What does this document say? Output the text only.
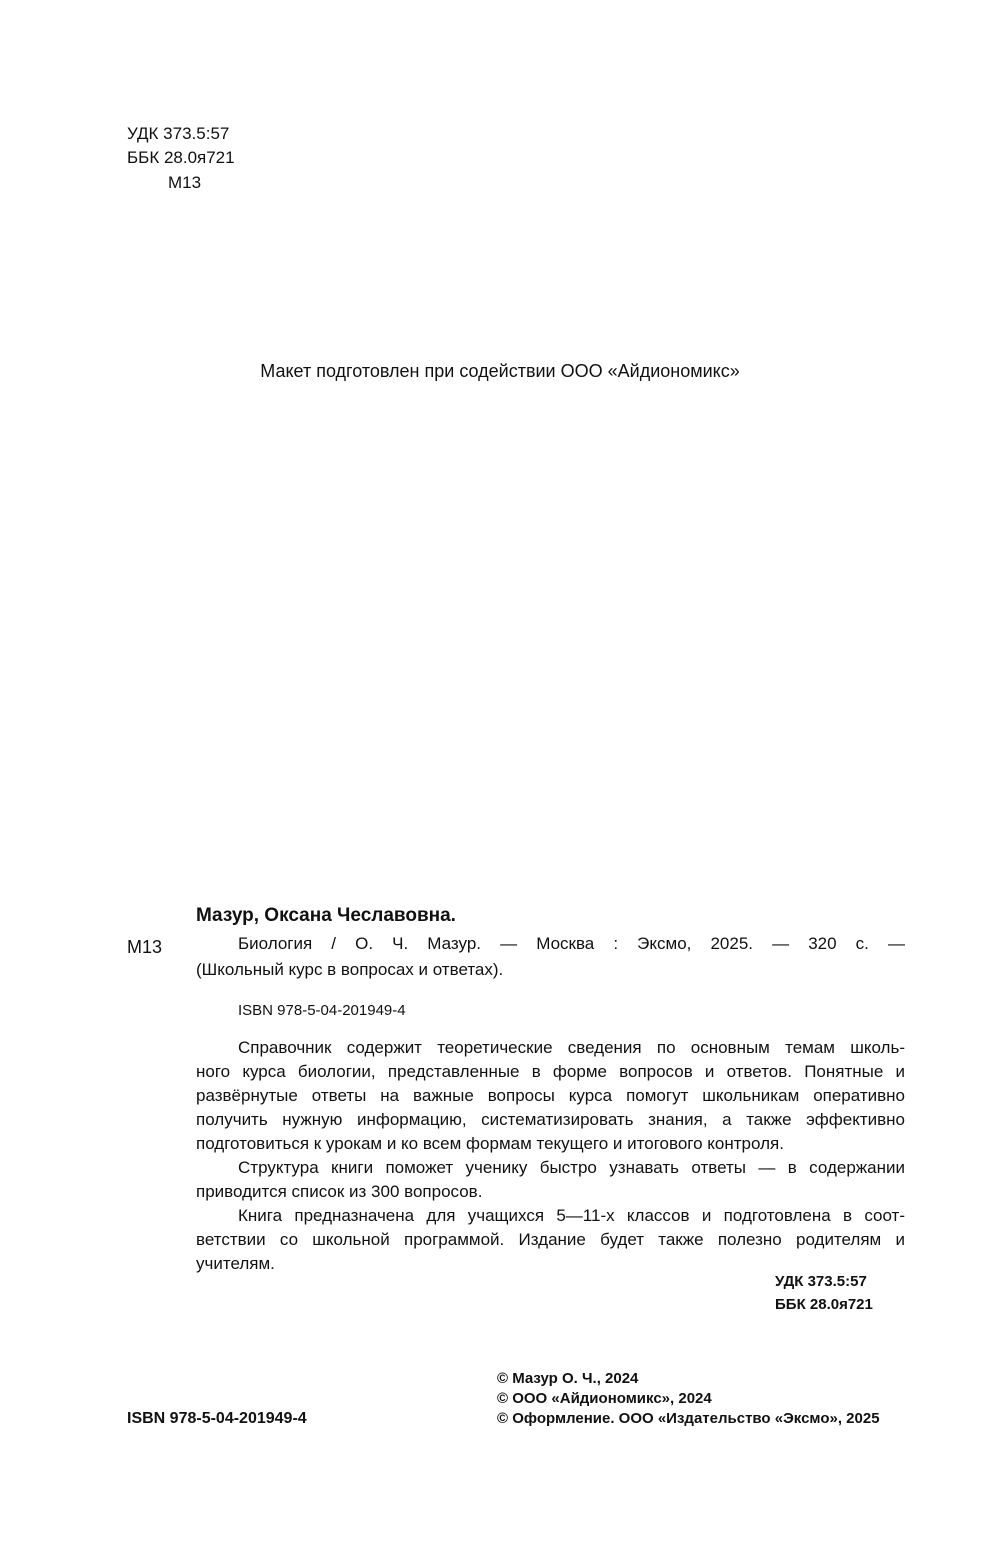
УДК 373.5:57
ББК 28.0я721
М13
Макет подготовлен при содействии ООО «Айдиономикс»
Мазур, Оксана Чеславовна.
М13	Биология / О. Ч. Мазур. — Москва : Эксмо, 2025. — 320 с. —
(Школьный курс в вопросах и ответах).
ISBN 978-5-04-201949-4
Справочник содержит теоретические сведения по основным темам школь-
ного курса биологии, представленные в форме вопросов и ответов. Понятные и
развёрнутые ответы на важные вопросы курса помогут школьникам оперативно
получить нужную информацию, систематизировать знания, а также эффективно
подготовиться к урокам и ко всем формам текущего и итогового контроля.
Структура книги поможет ученику быстро узнавать ответы — в содержании
приводится список из 300 вопросов.
Книга предназначена для учащихся 5—11-х классов и подготовлена в соот-
ветствии со школьной программой. Издание будет также полезно родителям и
учителям.
УДК 373.5:57
ББК 28.0я721
© Мазур О. Ч., 2024
© ООО «Айдиономикс», 2024
© Оформление. ООО «Издательство «Эксмо», 2025
ISBN 978-5-04-201949-4
